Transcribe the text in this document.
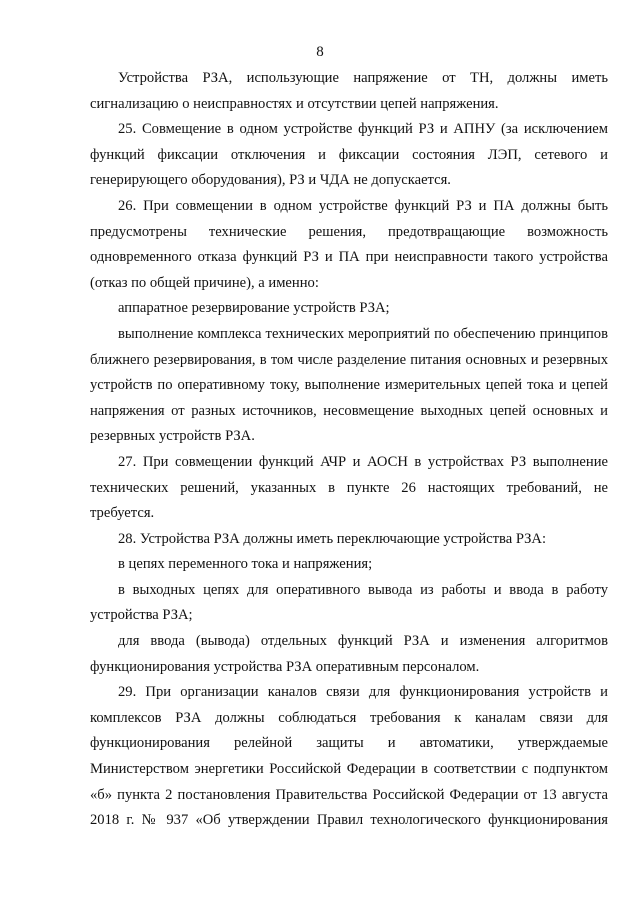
8

Устройства РЗА, использующие напряжение от ТН, должны иметь сигнализацию о неисправностях и отсутствии цепей напряжения.

25. Совмещение в одном устройстве функций РЗ и АПНУ (за исключением функций фиксации отключения и фиксации состояния ЛЭП, сетевого и генерирующего оборудования), РЗ и ЧДА не допускается.

26. При совмещении в одном устройстве функций РЗ и ПА должны быть предусмотрены технические решения, предотвращающие возможность одновременного отказа функций РЗ и ПА при неисправности такого устройства (отказ по общей причине), а именно:

аппаратное резервирование устройств РЗА;

выполнение комплекса технических мероприятий по обеспечению принципов ближнего резервирования, в том числе разделение питания основных и резервных устройств по оперативному току, выполнение измерительных цепей тока и цепей напряжения от разных источников, несовмещение выходных цепей основных и резервных устройств РЗА.

27. При совмещении функций АЧР и АОСН в устройствах РЗ выполнение технических решений, указанных в пункте 26 настоящих требований, не требуется.

28. Устройства РЗА должны иметь переключающие устройства РЗА:

в цепях переменного тока и напряжения;

в выходных цепях для оперативного вывода из работы и ввода в работу устройства РЗА;

для ввода (вывода) отдельных функций РЗА и изменения алгоритмов функционирования устройства РЗА оперативным персоналом.

29. При организации каналов связи для функционирования устройств и комплексов РЗА должны соблюдаться требования к каналам связи для функционирования релейной защиты и автоматики, утверждаемые Министерством энергетики Российской Федерации в соответствии с подпунктом «б» пункта 2 постановления Правительства Российской Федерации от 13 августа 2018 г. № 937 «Об утверждении Правил технологического функционирования
